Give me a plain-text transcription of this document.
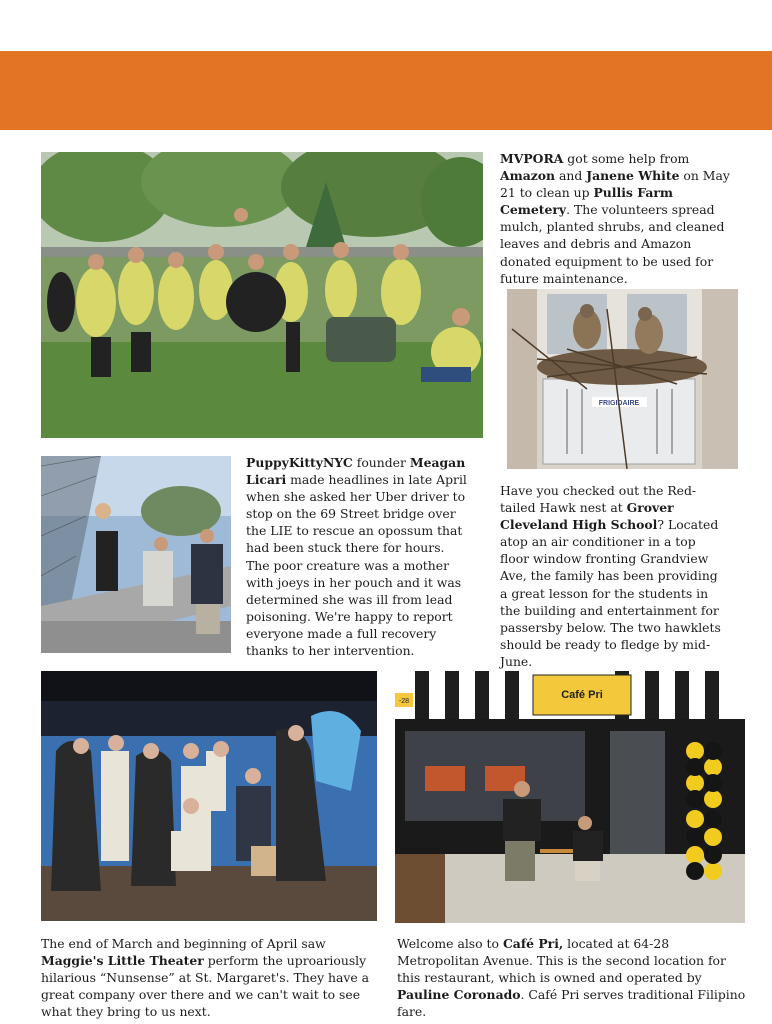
MVPORA got some help from Amazon and Janene White on May 21 to clean up Pullis Farm Cemetery. The volunteers spread mulch, planted shrubs, and cleaned leaves and debris and Amazon donated equipment to be used for future maintenance.
FRIGIDAIRE
PuppyKittyNYC founder Meagan Licari made headlines in late April when she asked her Uber driver to stop on the 69 Street bridge over the LIE to rescue an opossum that had been stuck there for hours. The poor creature was a mother with joeys in her pouch and it was determined she was ill from lead poisoning. We're happy to report everyone made a full recovery thanks to her intervention.
Have you checked out the Red-tailed Hawk nest at Grover Cleveland High School? Located atop an air conditioner in a top floor window fronting Grandview Ave, the family has been providing a great lesson for the students in the building and entertainment for passersby below. The two hawklets should be ready to fledge by mid-June.
Café Pri
-28
The end of March and beginning of April saw Maggie's Little Theater perform the uproariously hilarious “Nunsense” at St. Margaret's. They have a great company over there and we can't wait to see what they bring to us next.
Welcome also to Café Pri, located at 64-28 Metropolitan Avenue. This is the second location for this restaurant, which is owned and operated by Pauline Coronado. Café Pri serves traditional Filipino fare.
